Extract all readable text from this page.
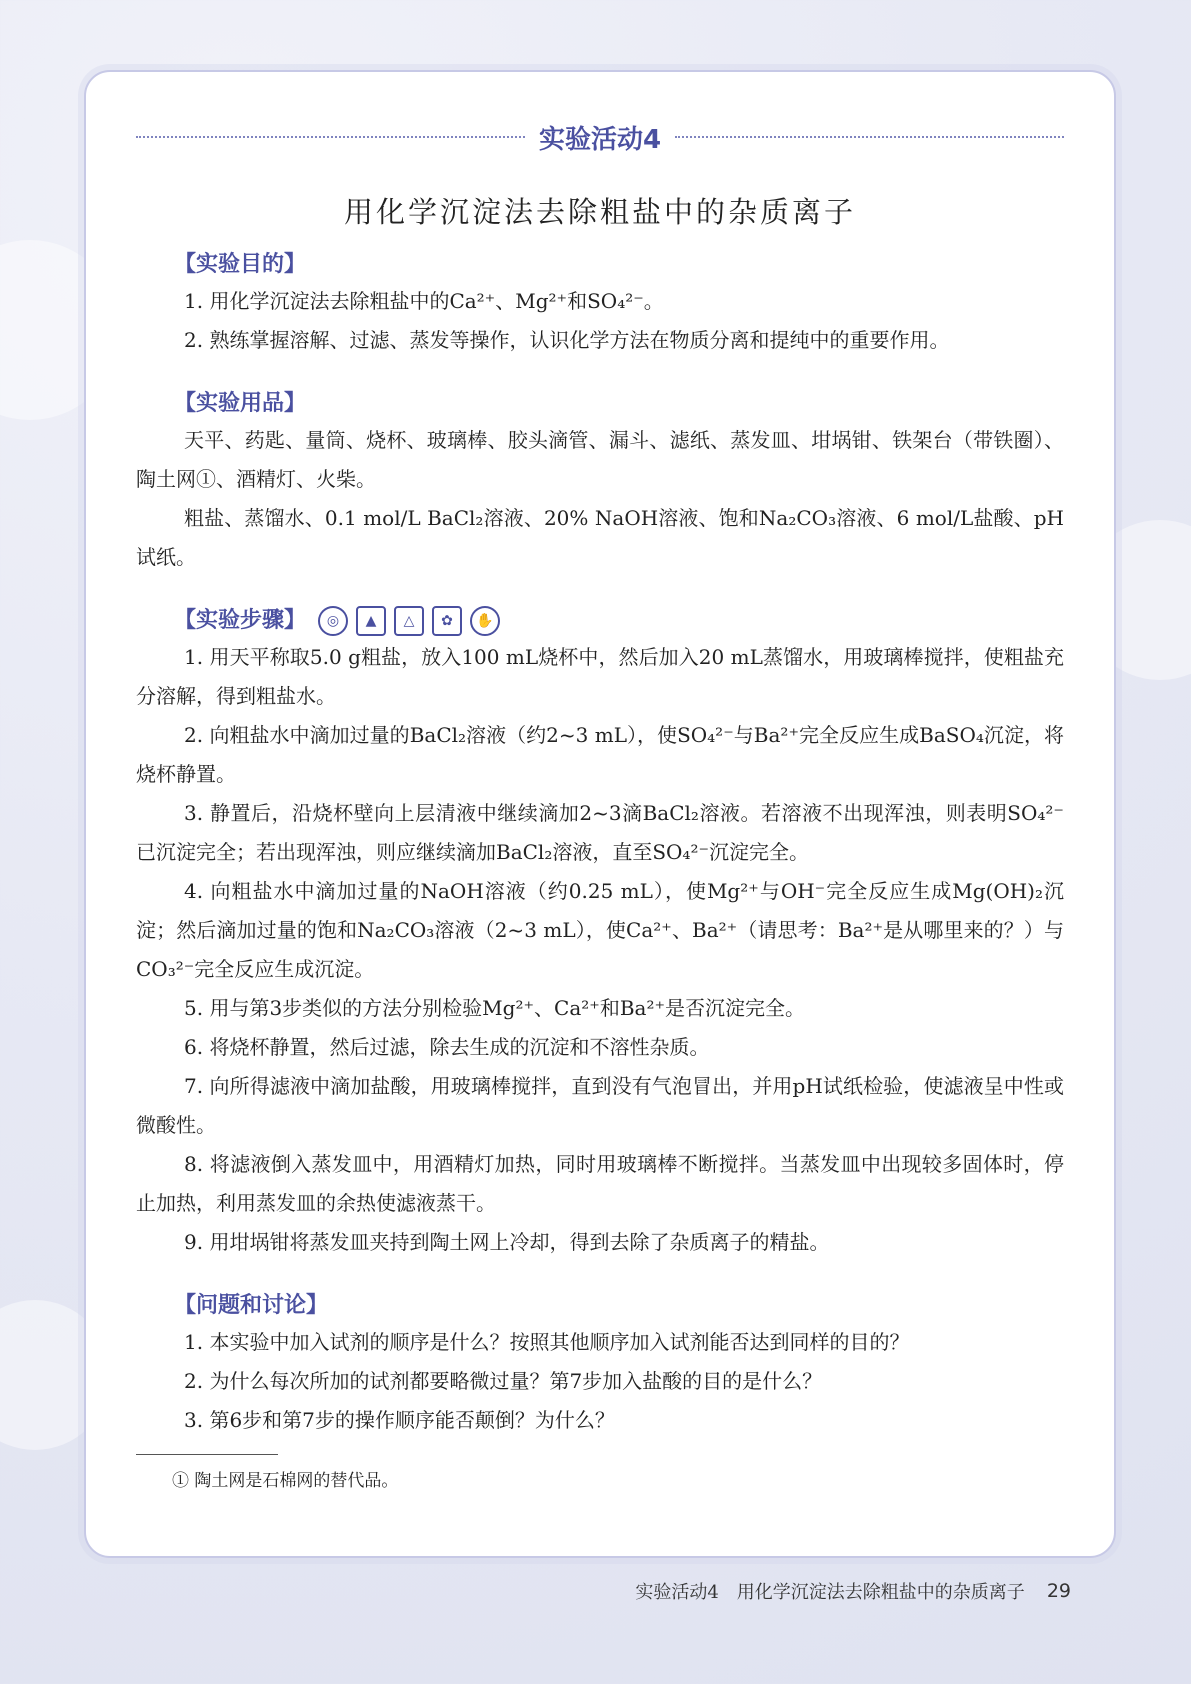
实验活动4
用化学沉淀法去除粗盐中的杂质离子
【实验目的】
1. 用化学沉淀法去除粗盐中的Ca²⁺、Mg²⁺和SO₄²⁻。
2. 熟练掌握溶解、过滤、蒸发等操作，认识化学方法在物质分离和提纯中的重要作用。
【实验用品】
天平、药匙、量筒、烧杯、玻璃棒、胶头滴管、漏斗、滤纸、蒸发皿、坩埚钳、铁架台（带铁圈）、陶土网①、酒精灯、火柴。
粗盐、蒸馏水、0.1 mol/L BaCl₂溶液、20% NaOH溶液、饱和Na₂CO₃溶液、6 mol/L盐酸、pH试纸。
【实验步骤】	◎	▲	△	✿	✋
1. 用天平称取5.0 g粗盐，放入100 mL烧杯中，然后加入20 mL蒸馏水，用玻璃棒搅拌，使粗盐充分溶解，得到粗盐水。
2. 向粗盐水中滴加过量的BaCl₂溶液（约2~3 mL），使SO₄²⁻与Ba²⁺完全反应生成BaSO₄沉淀，将烧杯静置。
3. 静置后，沿烧杯壁向上层清液中继续滴加2~3滴BaCl₂溶液。若溶液不出现浑浊，则表明SO₄²⁻已沉淀完全；若出现浑浊，则应继续滴加BaCl₂溶液，直至SO₄²⁻沉淀完全。
4. 向粗盐水中滴加过量的NaOH溶液（约0.25 mL），使Mg²⁺与OH⁻完全反应生成Mg(OH)₂沉淀；然后滴加过量的饱和Na₂CO₃溶液（2~3 mL），使Ca²⁺、Ba²⁺（请思考：Ba²⁺是从哪里来的？）与CO₃²⁻完全反应生成沉淀。
5. 用与第3步类似的方法分别检验Mg²⁺、Ca²⁺和Ba²⁺是否沉淀完全。
6. 将烧杯静置，然后过滤，除去生成的沉淀和不溶性杂质。
7. 向所得滤液中滴加盐酸，用玻璃棒搅拌，直到没有气泡冒出，并用pH试纸检验，使滤液呈中性或微酸性。
8. 将滤液倒入蒸发皿中，用酒精灯加热，同时用玻璃棒不断搅拌。当蒸发皿中出现较多固体时，停止加热，利用蒸发皿的余热使滤液蒸干。
9. 用坩埚钳将蒸发皿夹持到陶土网上冷却，得到去除了杂质离子的精盐。
【问题和讨论】
1. 本实验中加入试剂的顺序是什么？按照其他顺序加入试剂能否达到同样的目的？
2. 为什么每次所加的试剂都要略微过量？第7步加入盐酸的目的是什么？
3. 第6步和第7步的操作顺序能否颠倒？为什么？
① 陶土网是石棉网的替代品。
实验活动4　用化学沉淀法去除粗盐中的杂质离子 29
